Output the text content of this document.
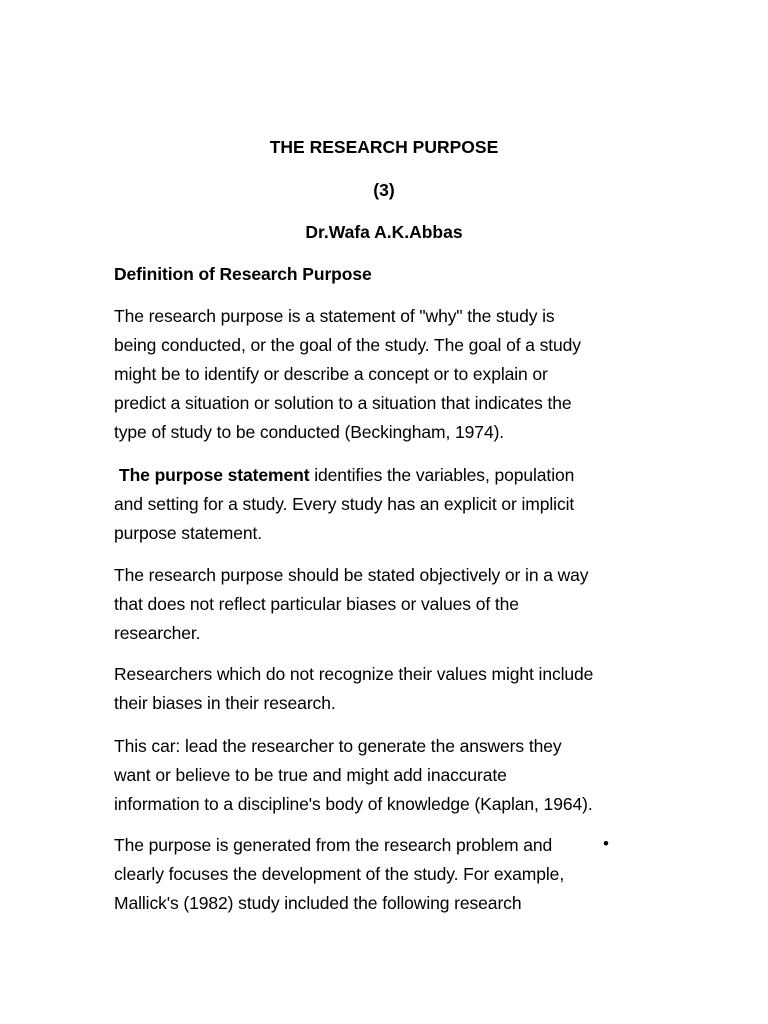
THE RESEARCH PURPOSE
(3)
Dr.Wafa A.K.Abbas
Definition of Research Purpose
The research purpose is a statement of "why" the study is
being conducted, or the goal of the study. The goal of a study
might be to identify or describe a concept or to explain or
predict a situation or solution to a situation that indicates the
type of study to be conducted (Beckingham, 1974).
The purpose statement identifies the variables, population
and setting for a study. Every study has an explicit or implicit
purpose statement.
The research purpose should be stated objectively or in a way
that does not reflect particular biases or values of the
researcher.
Researchers which do not recognize their values might include
their biases in their research.
This car: lead the researcher to generate the answers they
want or believe to be true and might add inaccurate
information to a discipline's body of knowledge (Kaplan, 1964).
The purpose is generated from the research problem and
clearly focuses the development of the study. For example,
Mallick's (1982) study included the following research
•
